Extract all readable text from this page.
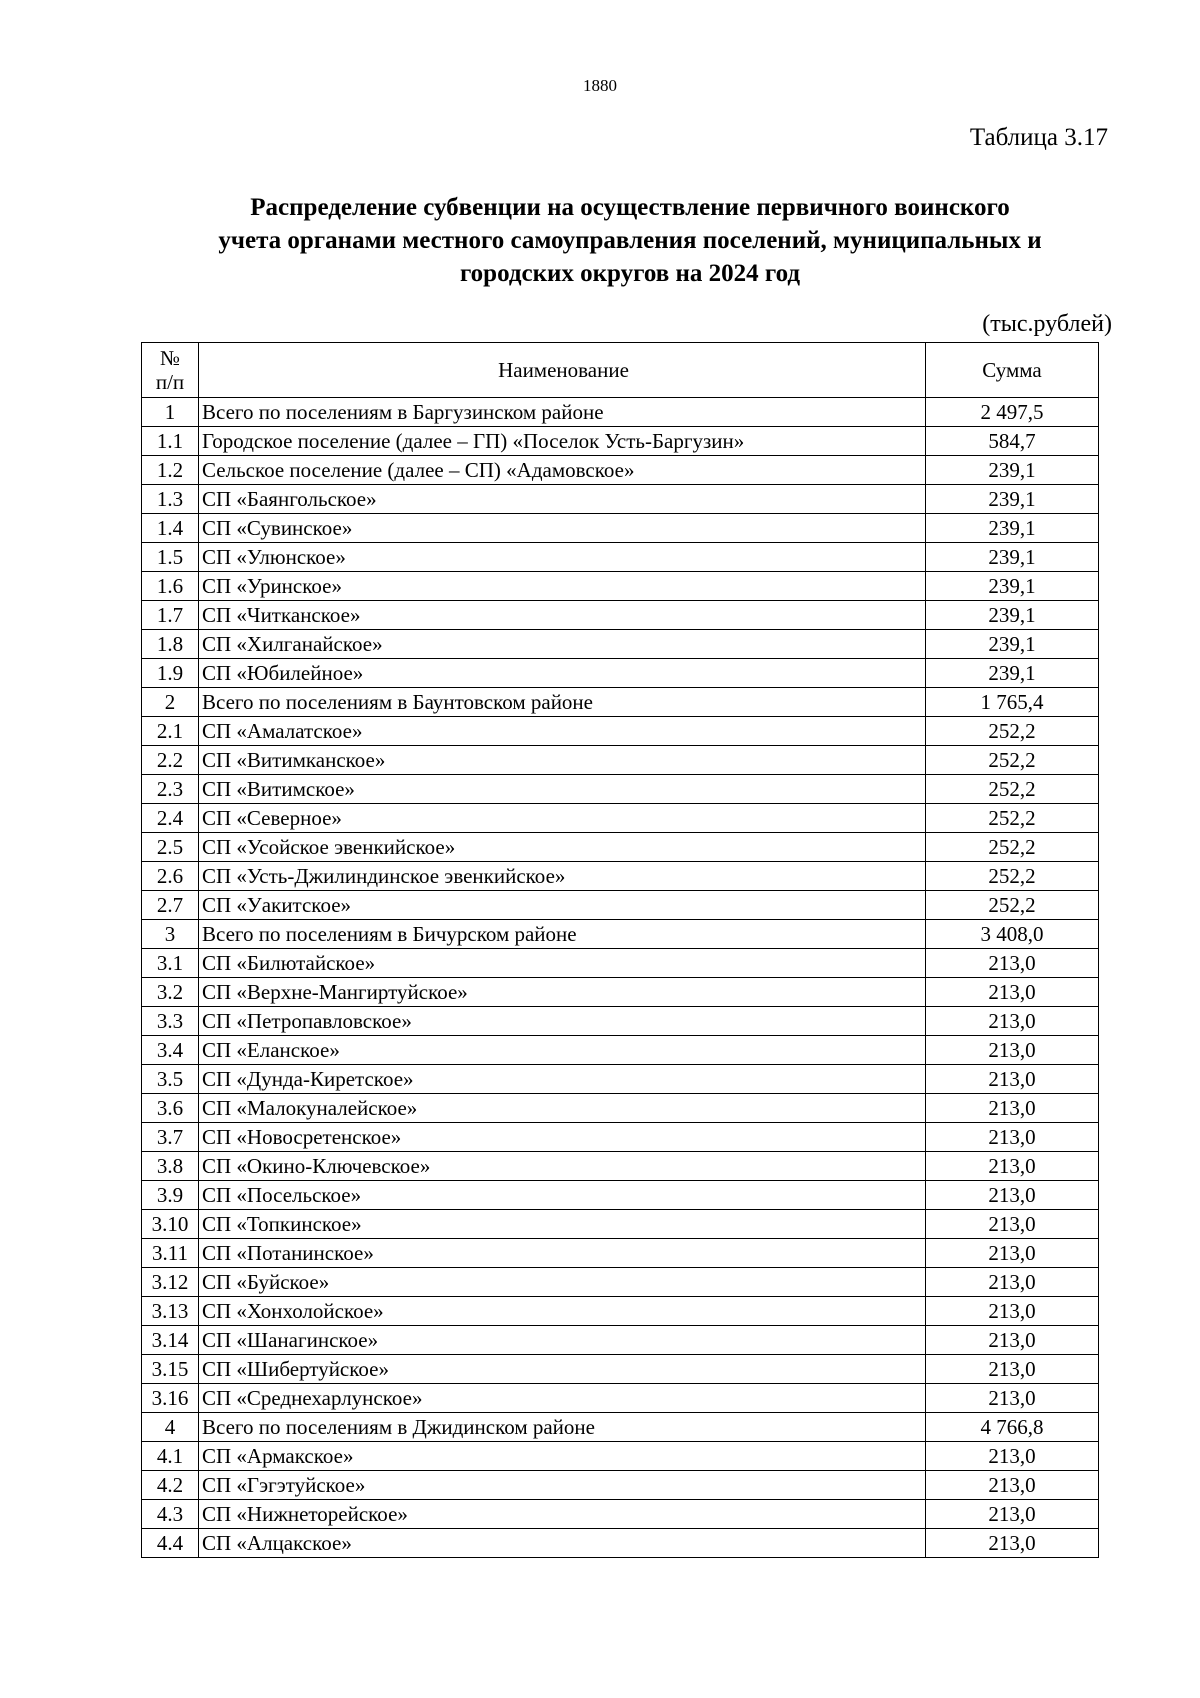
1880
Таблица 3.17
Распределение субвенции на осуществление первичного воинского
учета органами местного самоуправления поселений, муниципальных и
городских округов на 2024 год
(тыс.рублей)
№
п/п	Наименование	Сумма
1	Всего по поселениям в Баргузинском районе	2 497,5
1.1	Городское поселение (далее – ГП) «Поселок Усть-Баргузин»	584,7
1.2	Сельское поселение (далее – СП) «Адамовское»	239,1
1.3	СП «Баянгольское»	239,1
1.4	СП «Сувинское»	239,1
1.5	СП «Улюнское»	239,1
1.6	СП «Уринское»	239,1
1.7	СП «Читканское»	239,1
1.8	СП «Хилганайское»	239,1
1.9	СП «Юбилейное»	239,1
2	Всего по поселениям в Баунтовском районе	1 765,4
2.1	СП «Амалатское»	252,2
2.2	СП «Витимканское»	252,2
2.3	СП «Витимское»	252,2
2.4	СП «Северное»	252,2
2.5	СП «Усойское эвенкийское»	252,2
2.6	СП «Усть-Джилиндинское эвенкийское»	252,2
2.7	СП «Уакитское»	252,2
3	Всего по поселениям в Бичурском районе	3 408,0
3.1	СП «Билютайское»	213,0
3.2	СП «Верхне-Мангиртуйское»	213,0
3.3	СП «Петропавловское»	213,0
3.4	СП «Еланское»	213,0
3.5	СП «Дунда-Киретское»	213,0
3.6	СП «Малокуналейское»	213,0
3.7	СП «Новосретенское»	213,0
3.8	СП «Окино-Ключевское»	213,0
3.9	СП «Посельское»	213,0
3.10	СП «Топкинское»	213,0
3.11	СП «Потанинское»	213,0
3.12	СП «Буйское»	213,0
3.13	СП «Хонхолойское»	213,0
3.14	СП «Шанагинское»	213,0
3.15	СП «Шибертуйское»	213,0
3.16	СП «Среднехарлунское»	213,0
4	Всего по поселениям в Джидинском районе	4 766,8
4.1	СП «Армакское»	213,0
4.2	СП «Гэгэтуйское»	213,0
4.3	СП «Нижнеторейское»	213,0
4.4	СП «Алцакское»	213,0
